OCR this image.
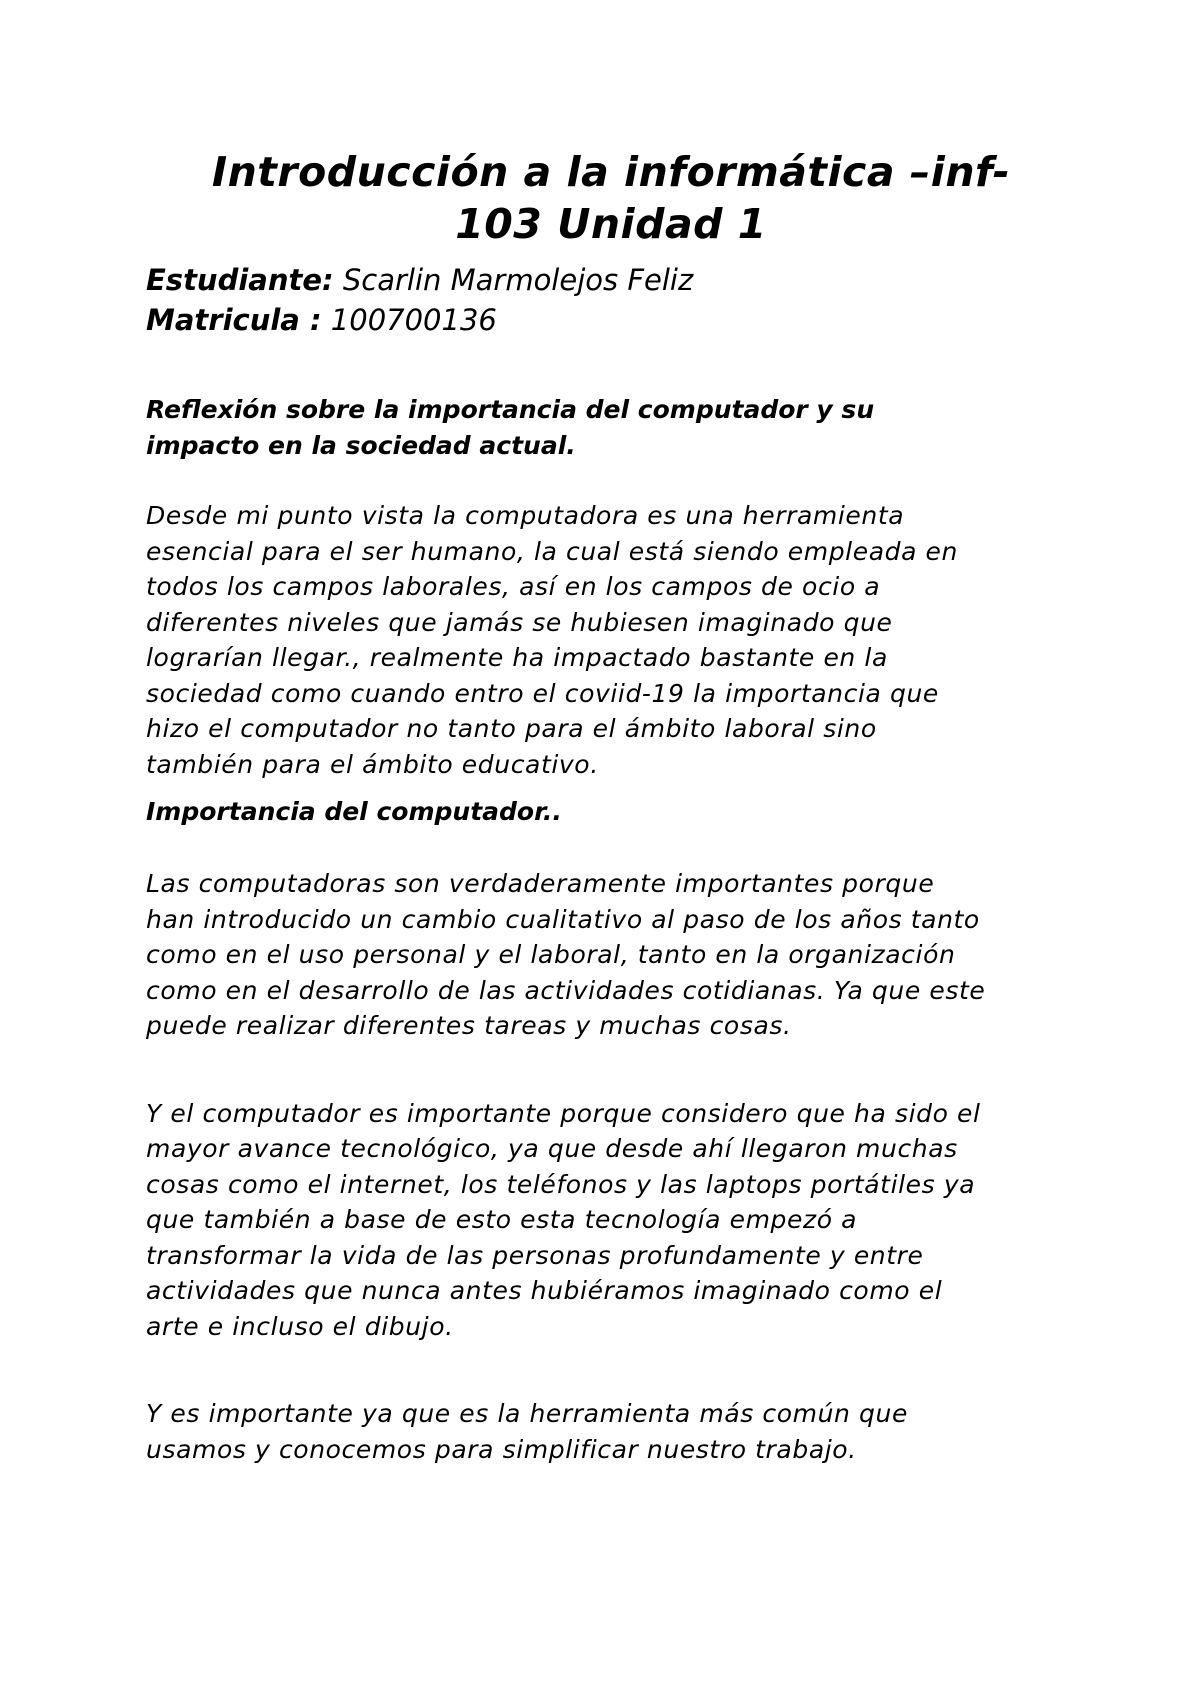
Introducción a la informática –inf-
103 Unidad 1
Estudiante: Scarlin Marmolejos Feliz
Matricula : 100700136
Reflexión sobre la importancia del computador y su
impacto en la sociedad actual.

Desde mi punto vista la computadora es una herramienta
esencial para el ser humano, la cual está siendo empleada en
todos los campos laborales, así en los campos de ocio a
diferentes niveles que jamás se hubiesen imaginado que
lograrían llegar., realmente ha impactado bastante en la
sociedad como cuando entro el coviid-19 la importancia que
hizo el computador no tanto para el ámbito laboral sino
también para el ámbito educativo.

Importancia del computador..

Las computadoras son verdaderamente importantes porque
han introducido un cambio cualitativo al paso de los años tanto
como en el uso personal y el laboral, tanto en la organización
como en el desarrollo de las actividades cotidianas. Ya que este
puede realizar diferentes tareas y muchas cosas.

Y el computador es importante porque considero que ha sido el
mayor avance tecnológico, ya que desde ahí llegaron muchas
cosas como el internet, los teléfonos y las laptops portátiles ya
que también a base de esto esta tecnología empezó a
transformar la vida de las personas profundamente y entre
actividades que nunca antes hubiéramos imaginado como el
arte e incluso el dibujo.

Y es importante ya que es la herramienta más común que
usamos y conocemos para simplificar nuestro trabajo.
